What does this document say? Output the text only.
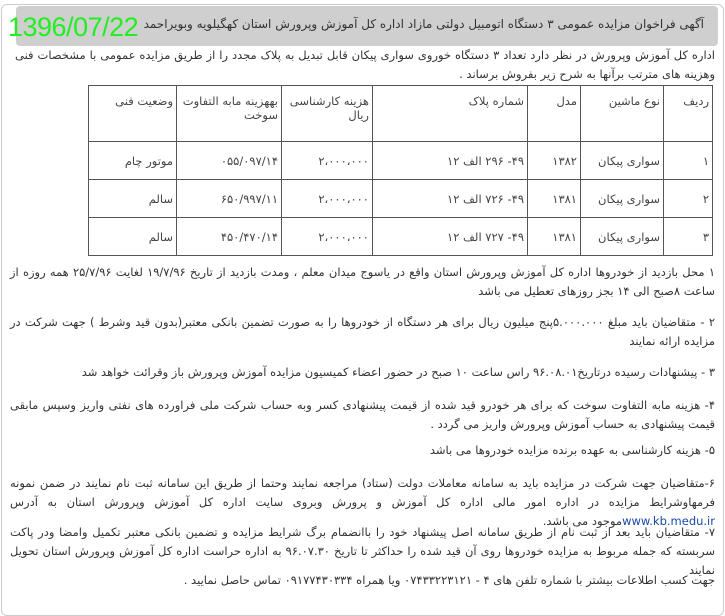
آگهی فراخوان مزایده عمومی ۳ دستگاه اتومبیل دولتی مازاد اداره کل آموزش وپرورش استان کهگیلویه وبویراحمد
1396/07/22
اداره کل آموزش وپرورش در نظر دارد تعداد ۳ دستگاه خوروی سواری پیکان قابل تبدیل به پلاک مجدد را از طریق مزایده عمومی با مشخصات فنی وهزینه های مترتب برآنها به شرح زیر بفروش برساند .
ردیف	نوع ماشین	مدل	شماره پلاک	هزینه کارشناسی ریال	بههزینه مابه التفاوت سوخت	وضعیت فنی
۱	سواری پیکان	۱۳۸۲	۴۹- ۲۹۶ الف ۱۲	۲،۰۰۰،۰۰۰	۰۵۵/۰۹۷/۱۴	موتور چام
۲	سواری پیکان	۱۳۸۱	۴۹- ۷۲۶ الف ۱۲	۲،۰۰۰،۰۰۰	۶۵۰/۹۹۷/۱۱	سالم
۳	سواری پیکان	۱۳۸۱	۴۹- ۷۲۷ الف ۱۲	۲،۰۰۰،۰۰۰	۴۵۰/۴۷۰/۱۴	سالم
۱ محل بازدید از خودروها اداره کل آموزش وپرورش استان واقع در یاسوج میدان معلم ، ومدت بازدید از تاریخ ۱۹/۷/۹۶ لغایت ۲۵/۷/۹۶ همه روزه از ساعت ۸صبح الی ۱۴ بجز روزهای تعطیل می باشد
۲ - متقاضیان باید مبلغ ۵.۰۰۰.۰۰۰پنج میلیون ریال برای هر دستگاه از خودروها را به صورت تضمین بانکی معتبر(بدون قید وشرط ) جهت شرکت در مزایده ارائه نمایند
۳ - پیشنهادات رسیده درتاریخ۹۶.۰۸.۰۱ راس ساعت ۱۰ صبح در حضور اعضاء کمیسیون مزایده آموزش وپرورش باز وقرائت خواهد شد
۴- هزینه مابه التفاوت سوخت که برای هر خودرو قید شده از قیمت پیشنهادی کسر وبه حساب شرکت ملی فراورده های نفتی واریز وسپس مابقی قیمت پیشنهادی به حساب آموزش وپرورش واریز می گردد .
۵- هزینه کارشناسی به عهده برنده مزایده خودروها می باشد
۶-متقاضیان جهت شرکت در مزایده باید به سامانه معاملات دولت (ستاد) مراجعه نمایند وحتما از طریق این سامانه ثبت نام نمایند در ضمن نمونه فرمهاوشرایط مزایده در اداره امور مالی اداره کل آموزش و پرورش وبروی سایت اداره کل آموزش وپرورش استان به آدرس www.kb.medu.irموجود می باشد.
۷- متقاضیان باید بعد از ثبت نام از طریق سامانه اصل پیشنهاد خود را باانضمام برگ شرایط مزایده و تضمین بانکی معتبر تکمیل وامضا ودر پاکت سربسته که جمله مربوط به مزایده خودروها روی آن قید شده را حداکثر تا تاریخ ۹۶.۰۷.۳۰ به اداره حراست اداره کل آموزش وپرورش استان تحویل نمایند
جهت کسب اطلاعات بیشتر با شماره تلفن های ۴ - ۰۷۴۳۳۲۲۳۱۲۱ ویا همراه ۰۹۱۷۷۴۳۰۳۳۴ تماس حاصل نمایید .
